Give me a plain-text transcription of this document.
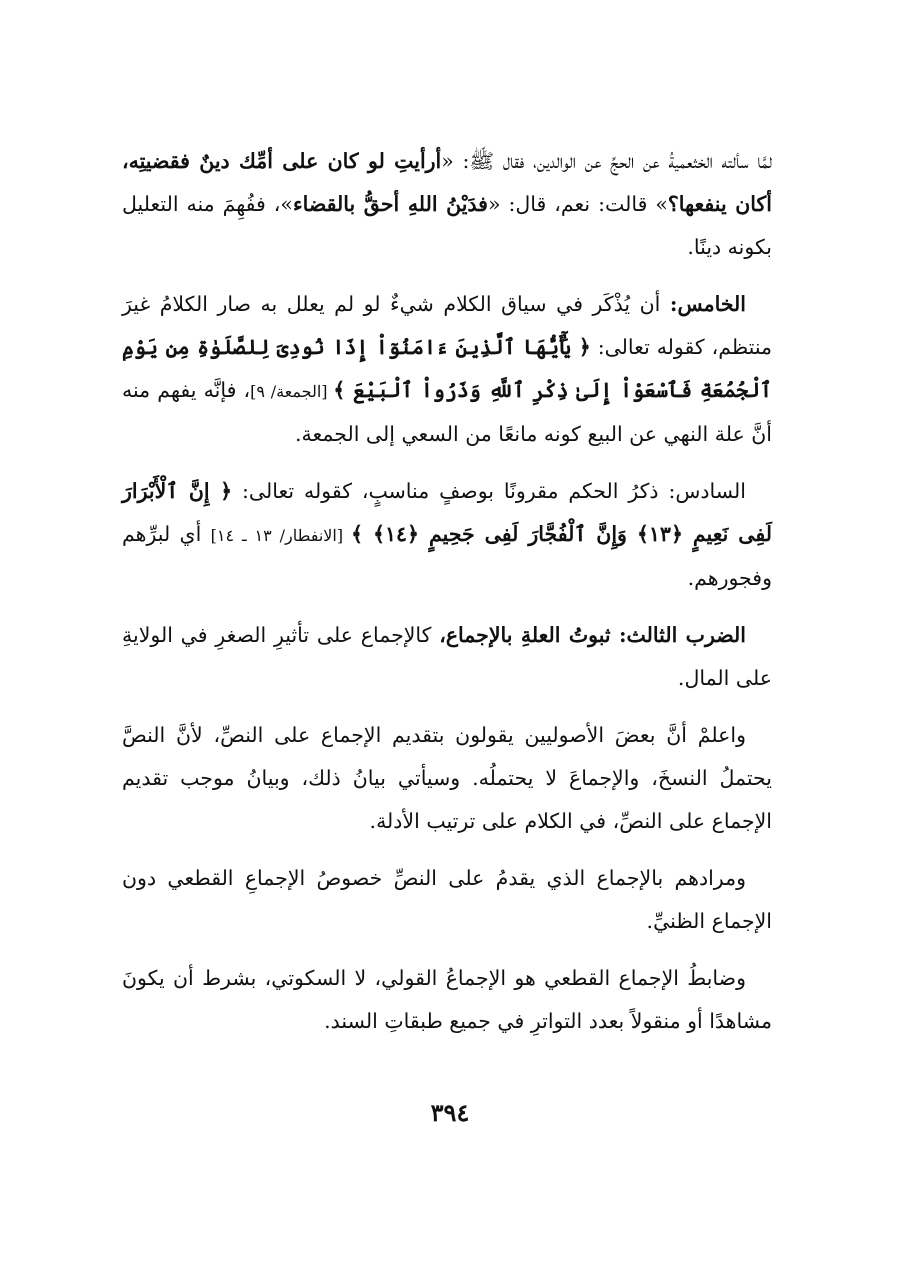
لمَّا سألته الخثعميةُ عن الحجِّ عن الوالدين، فقال ﷺ: «أرأيتِ لو كان على أمِّك دينٌ فقضيتِه، أكان ينفعها؟» قالت: نعم، قال: «فدَيْنُ اللهِ أحقُّ بالقضاء»، ففُهِمَ منه التعليل بكونه دينًا.

الخامس: أن يُذْكَر في سياق الكلام شيءٌ لو لم يعلل به صار الكلامُ غيرَ منتظم، كقوله تعالى: ﴿ يَٰٓأَيُّهَا ٱلَّذِينَ ءَامَنُوٓاْ إِذَا نُودِىَ لِلصَّلَوٰةِ مِن يَوْمِ ٱلْجُمُعَةِ فَٱسْعَوْاْ إِلَىٰ ذِكْرِ ٱللَّهِ وَذَرُواْ ٱلْبَيْعَ ﴾ [الجمعة/ ٩]، فإنَّه يفهم منه أنَّ علة النهي عن البيع كونه مانعًا من السعي إلى الجمعة.

السادس: ذكرُ الحكم مقرونًا بوصفٍ مناسبٍ، كقوله تعالى: ﴿ إِنَّ ٱلْأَبْرَارَ لَفِى نَعِيمٍ ﴿١٣﴾ وَإِنَّ ٱلْفُجَّارَ لَفِى جَحِيمٍ ﴿١٤﴾ ﴾ [الانفطار/ ١٣ ـ ١٤] أي لبرِّهم وفجورهم.

الضرب الثالث: ثبوتُ العلةِ بالإجماع، كالإجماع على تأثيرِ الصغرِ في الولايةِ على المال.

واعلمْ أنَّ بعضَ الأصوليين يقولون بتقديم الإجماع على النصِّ، لأنَّ النصَّ يحتملُ النسخَ، والإجماعَ لا يحتملُه. وسيأتي بيانُ ذلك، وبيانُ موجب تقديم الإجماع على النصِّ، في الكلام على ترتيب الأدلة.

ومرادهم بالإجماع الذي يقدمُ على النصِّ خصوصُ الإجماعِ القطعي دون الإجماع الظنيِّ.

وضابطُ الإجماع القطعي هو الإجماعُ القولي، لا السكوتي، بشرط أن يكونَ مشاهدًا أو منقولاً بعدد التواترِ في جميع طبقاتِ السند.

٣٩٤
